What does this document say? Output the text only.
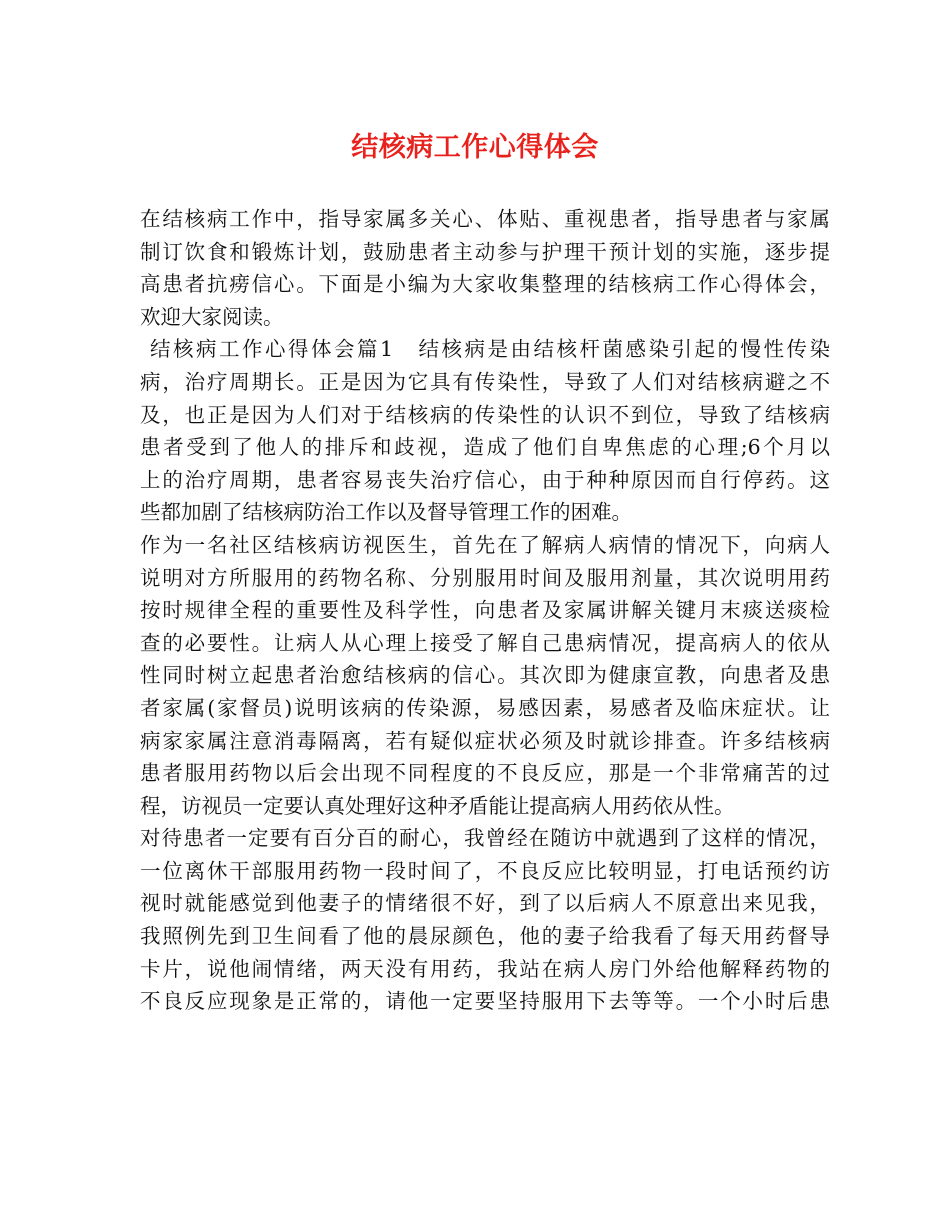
结核病工作心得体会
在结核病工作中，指导家属多关心、体贴、重视患者，指导患者与家属
制订饮食和锻炼计划，鼓励患者主动参与护理干预计划的实施，逐步提
高患者抗痨信心。下面是小编为大家收集整理的结核病工作心得体会，
欢迎大家阅读。
结核病工作心得体会篇1　结核病是由结核杆菌感染引起的慢性传染
病，治疗周期长。正是因为它具有传染性，导致了人们对结核病避之不
及，也正是因为人们对于结核病的传染性的认识不到位，导致了结核病
患者受到了他人的排斥和歧视，造成了他们自卑焦虑的心理;6个月以
上的治疗周期，患者容易丧失治疗信心，由于种种原因而自行停药。这
些都加剧了结核病防治工作以及督导管理工作的困难。
作为一名社区结核病访视医生，首先在了解病人病情的情况下，向病人
说明对方所服用的药物名称、分别服用时间及服用剂量，其次说明用药
按时规律全程的重要性及科学性，向患者及家属讲解关键月末痰送痰检
查的必要性。让病人从心理上接受了解自己患病情况，提高病人的依从
性同时树立起患者治愈结核病的信心。其次即为健康宣教，向患者及患
者家属(家督员)说明该病的传染源，易感因素，易感者及临床症状。让
病家家属注意消毒隔离，若有疑似症状必须及时就诊排查。许多结核病
患者服用药物以后会出现不同程度的不良反应，那是一个非常痛苦的过
程，访视员一定要认真处理好这种矛盾能让提高病人用药依从性。
对待患者一定要有百分百的耐心，我曾经在随访中就遇到了这样的情况，
一位离休干部服用药物一段时间了，不良反应比较明显，打电话预约访
视时就能感觉到他妻子的情绪很不好，到了以后病人不原意出来见我，
我照例先到卫生间看了他的晨尿颜色，他的妻子给我看了每天用药督导
卡片，说他闹情绪，两天没有用药，我站在病人房门外给他解释药物的
不良反应现象是正常的，请他一定要坚持服用下去等等。一个小时后患
